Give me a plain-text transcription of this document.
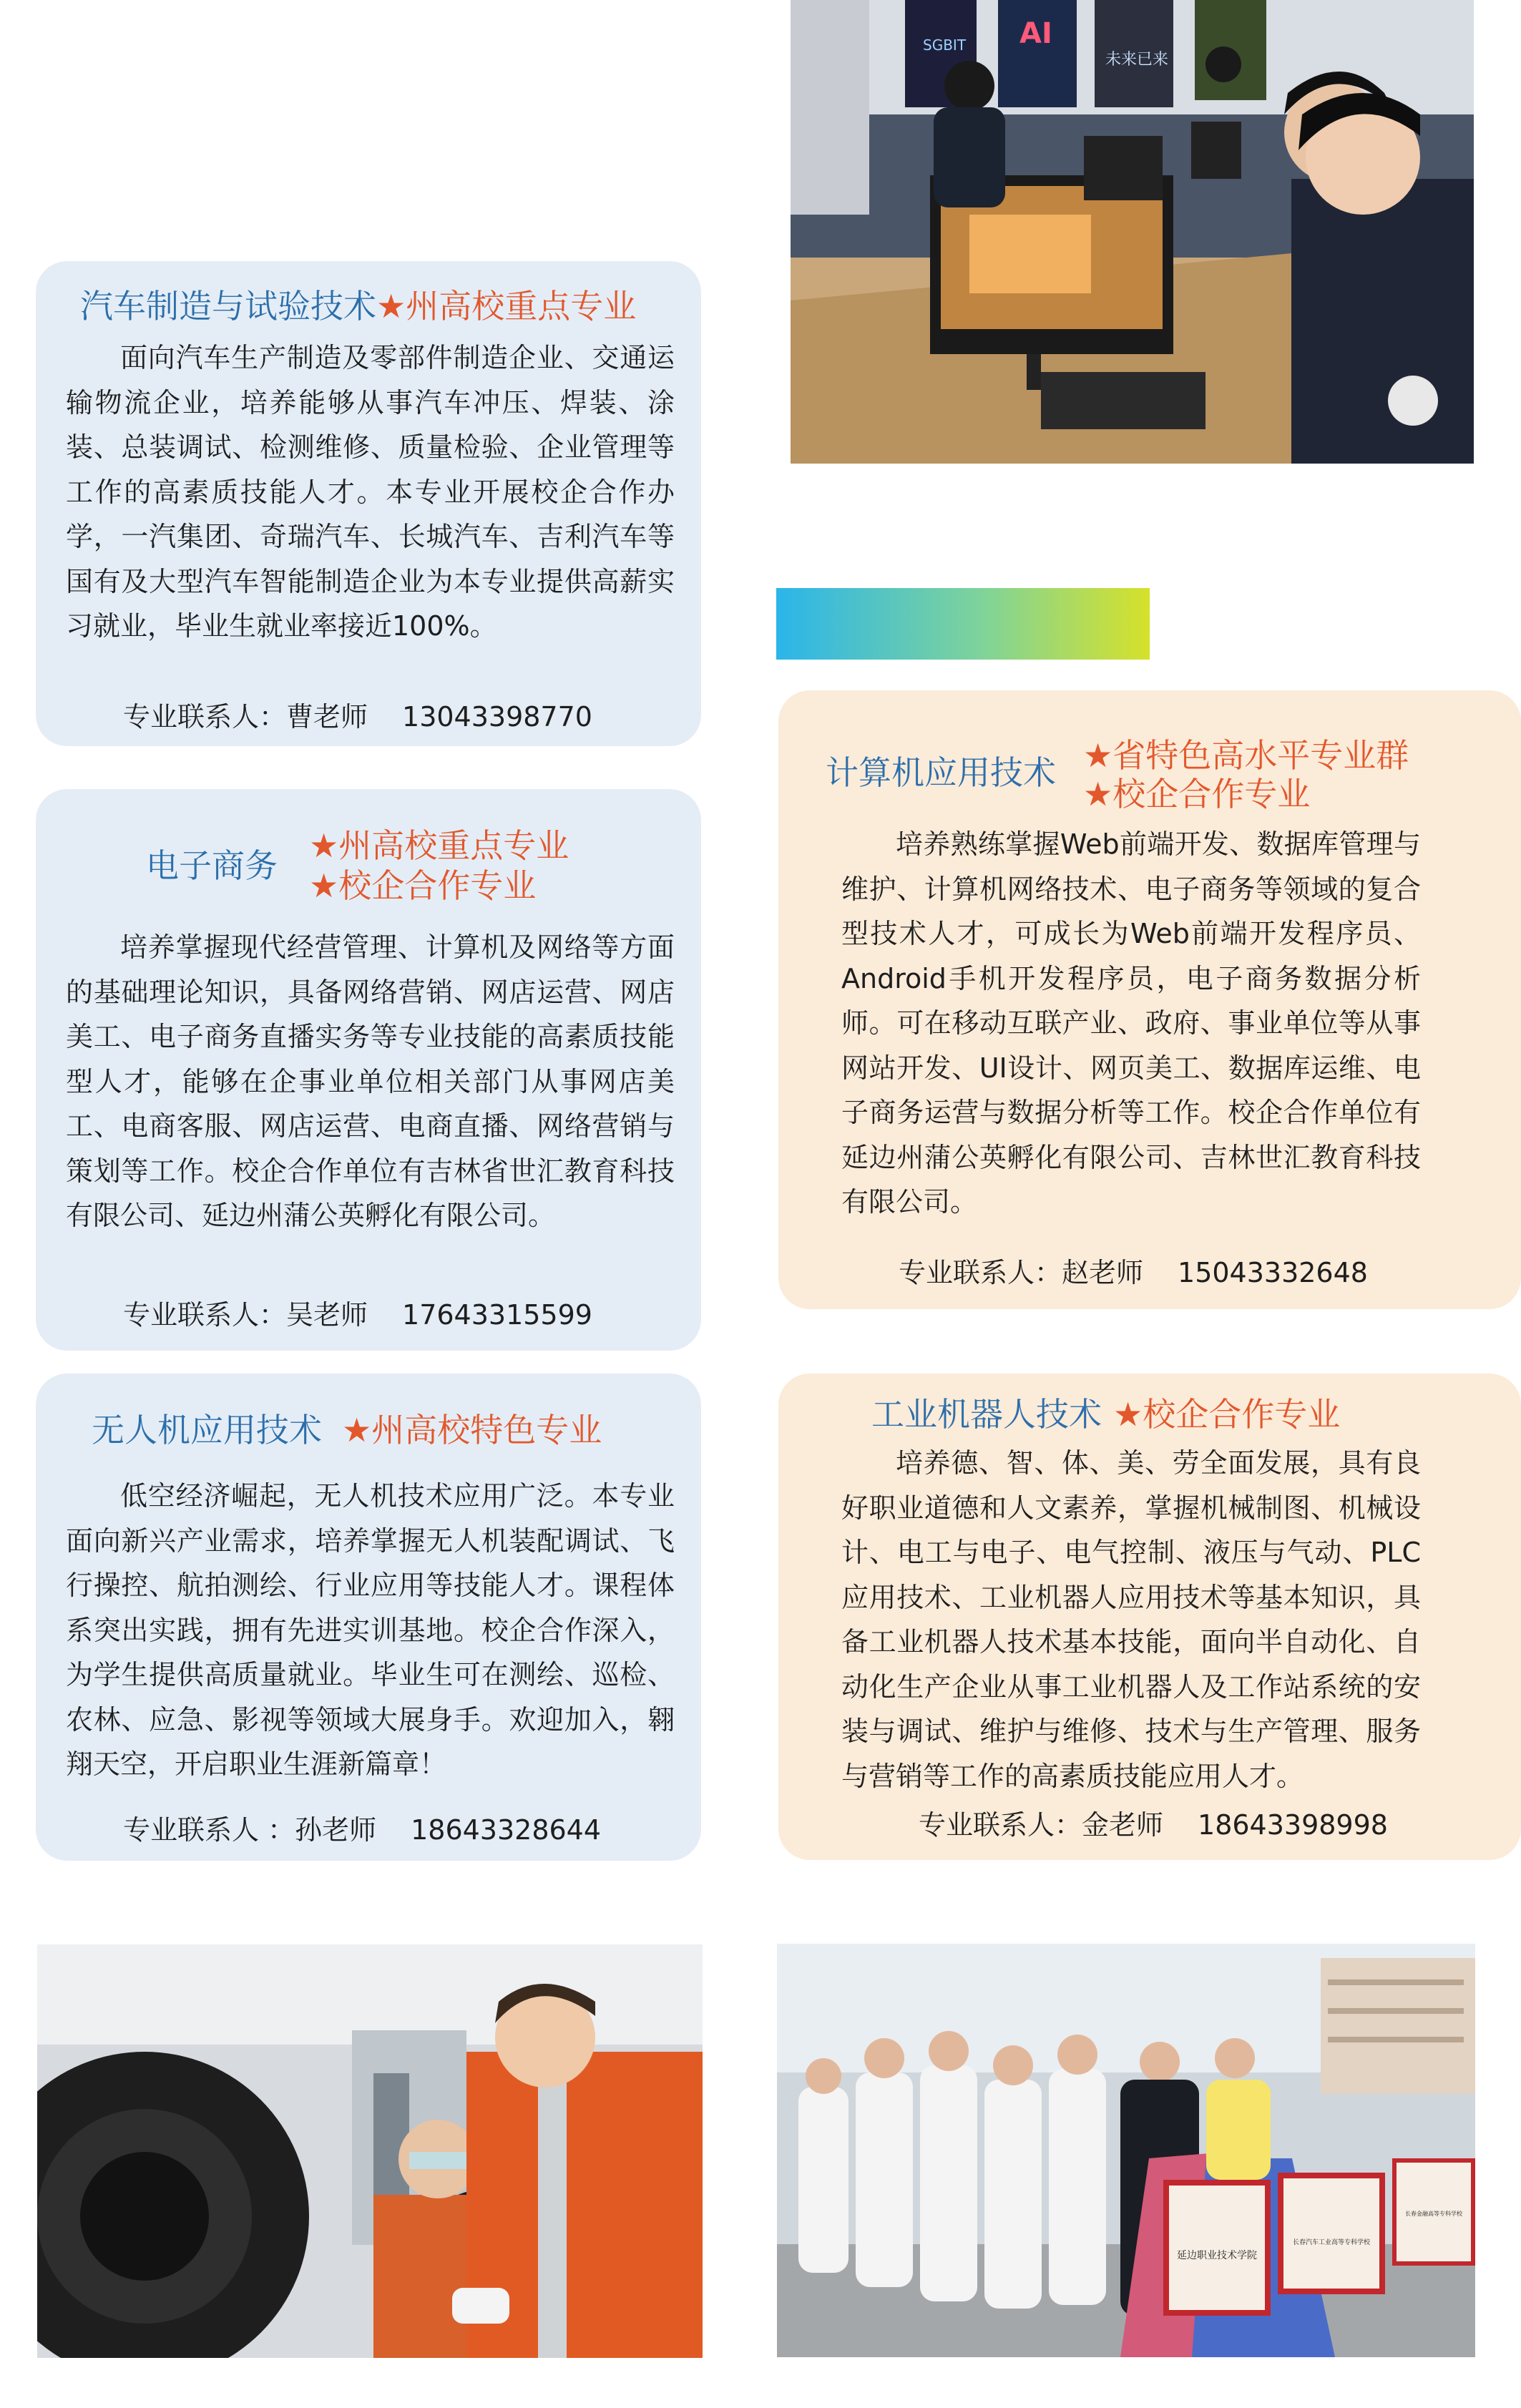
SGBIT AI
未来已来
汽车制造与试验技术★州高校重点专业
面向汽车生产制造及零部件制造企业、交通运输物流企业，培养能够从事汽车冲压、焊装、涂装、总装调试、检测维修、质量检验、企业管理等工作的高素质技能人才。本专业开展校企合作办学，一汽集团、奇瑞汽车、长城汽车、吉利汽车等国有及大型汽车智能制造企业为本专业提供高薪实习就业，毕业生就业率接近100%。
专业联系人：曹老师 13043398770
电子商务
★州高校重点专业
★校企合作专业
培养掌握现代经营管理、计算机及网络等方面的基础理论知识，具备网络营销、网店运营、网店美工、电子商务直播实务等专业技能的高素质技能型人才，能够在企事业单位相关部门从事网店美工、电商客服、网店运营、电商直播、网络营销与策划等工作。校企合作单位有吉林省世汇教育科技有限公司、延边州蒲公英孵化有限公司。
专业联系人：吴老师 17643315599
无人机应用技术 ★州高校特色专业
低空经济崛起，无人机技术应用广泛。本专业面向新兴产业需求，培养掌握无人机装配调试、飞行操控、航拍测绘、行业应用等技能人才。课程体系突出实践，拥有先进实训基地。校企合作深入，为学生提供高质量就业。毕业生可在测绘、巡检、农林、应急、影视等领域大展身手。欢迎加入，翱翔天空，开启职业生涯新篇章！
专业联系人 ：孙老师 18643328644
计算机应用技术 ★省特色高水平专业群
★校企合作专业
培养熟练掌握Web前端开发、数据库管理与维护、计算机网络技术、电子商务等领域的复合型技术人才，可成长为Web前端开发程序员、Android手机开发程序员，电子商务数据分析师。可在移动互联产业、政府、事业单位等从事网站开发、UI设计、网页美工、数据库运维、电子商务运营与数据分析等工作。校企合作单位有延边州蒲公英孵化有限公司、吉林世汇教育科技有限公司。
专业联系人：赵老师 15043332648
工业机器人技术 ★校企合作专业
培养德、智、体、美、劳全面发展，具有良好职业道德和人文素养，掌握机械制图、机械设计、电工与电子、电气控制、液压与气动、PLC应用技术、工业机器人应用技术等基本知识，具备工业机器人技术基本技能，面向半自动化、自动化生产企业从事工业机器人及工作站系统的安装与调试、维护与维修、技术与生产管理、服务与营销等工作的高素质技能应用人才。
专业联系人：金老师 18643398998
延边职业技术学院
长春汽车工业高等专科学校
长春金融高等专科学校
